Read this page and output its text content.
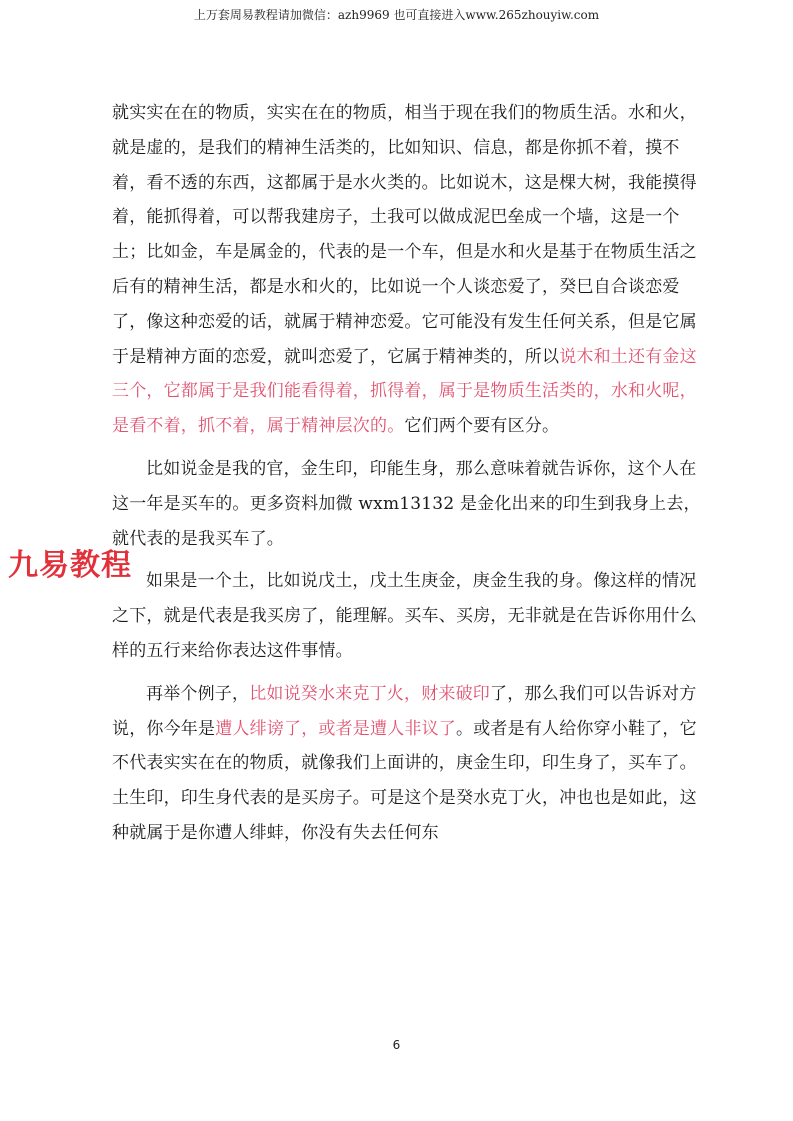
上万套周易教程请加微信：azh9969 也可直接进入www.265zhouyiw.com

就实实在在的物质，实实在在的物质，相当于现在我们的物质生活。水和火，就是虚的，是我们的精神生活类的，比如知识、信息，都是你抓不着，摸不着，看不透的东西，这都属于是水火类的。比如说木，这是棵大树，我能摸得着，能抓得着，可以帮我建房子，土我可以做成泥巴垒成一个墙，这是一个土；比如金，车是属金的，代表的是一个车，但是水和火是基于在物质生活之后有的精神生活，都是水和火的，比如说一个人谈恋爱了，癸巳自合谈恋爱了，像这种恋爱的话，就属于精神恋爱。它可能没有发生任何关系，但是它属于是精神方面的恋爱，就叫恋爱了，它属于精神类的，所以说木和土还有金这三个，它都属于是我们能看得着，抓得着，属于是物质生活类的，水和火呢，是看不着，抓不着，属于精神层次的。它们两个要有区分。

比如说金是我的官，金生印，印能生身，那么意味着就告诉你，这个人在这一年是买车的。更多资料加微 wxm13132 是金化出来的印生到我身上去，就代表的是我买车了。

如果是一个土，比如说戊土，戊土生庚金，庚金生我的身。像这样的情况之下，就是代表是我买房了，能理解。买车、买房，无非就是在告诉你用什么样的五行来给你表达这件事情。

再举个例子，比如说癸水来克丁火，财来破印了，那么我们可以告诉对方说，你今年是遭人绯谤了，或者是遭人非议了。或者是有人给你穿小鞋了，它不代表实实在在的物质，就像我们上面讲的，庚金生印，印生身了，买车了。土生印，印生身代表的是买房子。可是这个是癸水克丁火，冲也也是如此，这种就属于是你遭人绯蚌，你没有失去任何东

九易教程
6
